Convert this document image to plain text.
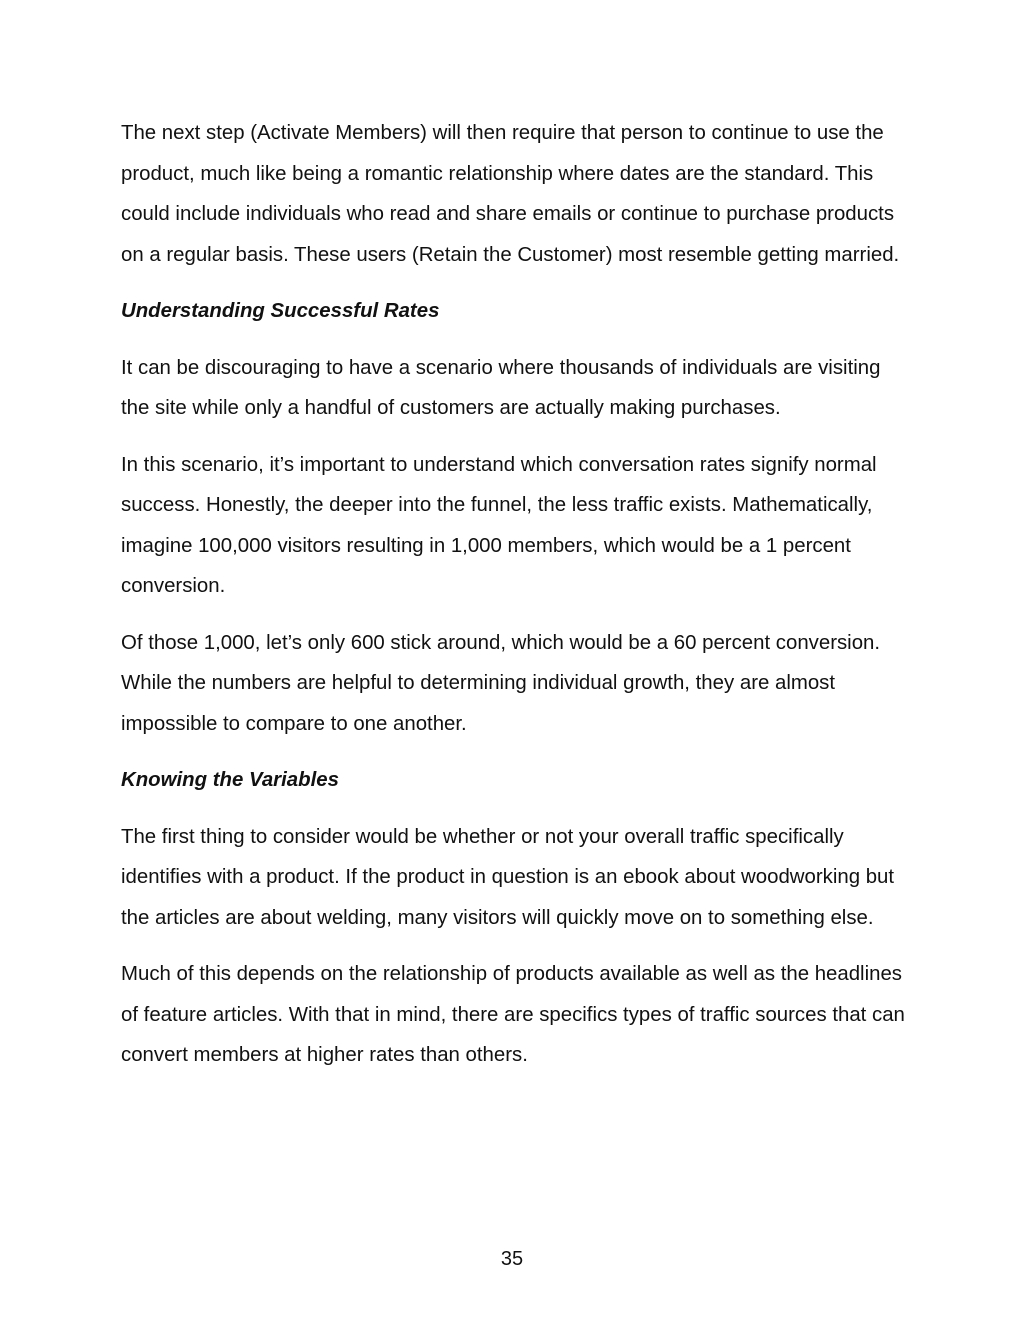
The next step (Activate Members) will then require that person to continue to use the product, much like being a romantic relationship where dates are the standard. This could include individuals who read and share emails or continue to purchase products on a regular basis. These users (Retain the Customer) most resemble getting married.

Understanding Successful Rates

It can be discouraging to have a scenario where thousands of individuals are visiting the site while only a handful of customers are actually making purchases.

In this scenario, it’s important to understand which conversation rates signify normal success. Honestly, the deeper into the funnel, the less traffic exists. Mathematically, imagine 100,000 visitors resulting in 1,000 members, which would be a 1 percent conversion.

Of those 1,000, let’s only 600 stick around, which would be a 60 percent conversion. While the numbers are helpful to determining individual growth, they are almost impossible to compare to one another.

Knowing the Variables

The first thing to consider would be whether or not your overall traffic specifically identifies with a product. If the product in question is an ebook about woodworking but the articles are about welding, many visitors will quickly move on to something else.

Much of this depends on the relationship of products available as well as the headlines of feature articles. With that in mind, there are specifics types of traffic sources that can convert members at higher rates than others.

35
